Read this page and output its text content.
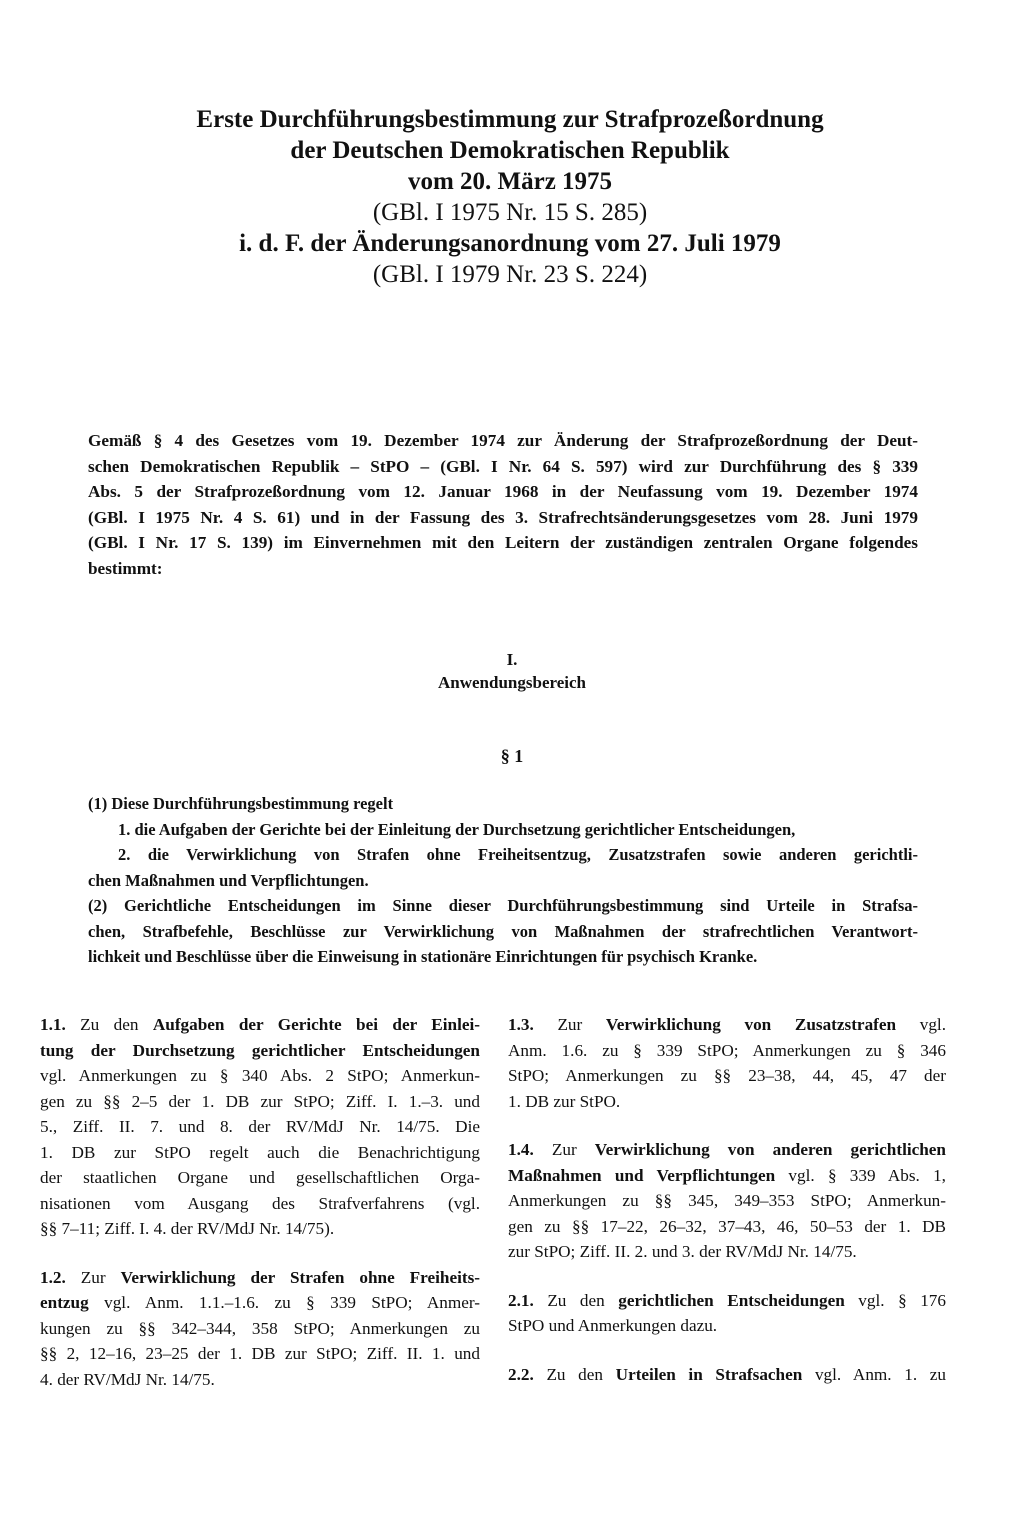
Erste Durchführungsbestimmung zur Strafprozeßordnung
der Deutschen Demokratischen Republik
vom 20. März 1975
(GBl. I 1975 Nr. 15 S. 285)
i. d. F. der Änderungsanordnung vom 27. Juli 1979
(GBl. I 1979 Nr. 23 S. 224)
Gemäß § 4 des Gesetzes vom 19. Dezember 1974 zur Änderung der Strafprozeßordnung der Deut-
schen Demokratischen Republik – StPO – (GBl. I Nr. 64 S. 597) wird zur Durchführung des § 339
Abs. 5 der Strafprozeßordnung vom 12. Januar 1968 in der Neufassung vom 19. Dezember 1974
(GBl. I 1975 Nr. 4 S. 61) und in der Fassung des 3. Strafrechtsänderungsgesetzes vom 28. Juni 1979
(GBl. I Nr. 17 S. 139) im Einvernehmen mit den Leitern der zuständigen zentralen Organe folgendes
bestimmt:
I.
Anwendungsbereich
§ 1
(1) Diese Durchführungsbestimmung regelt
1. die Aufgaben der Gerichte bei der Einleitung der Durchsetzung gerichtlicher Entscheidungen,
2. die Verwirklichung von Strafen ohne Freiheitsentzug, Zusatzstrafen sowie anderen gerichtli-
chen Maßnahmen und Verpflichtungen.
(2) Gerichtliche Entscheidungen im Sinne dieser Durchführungsbestimmung sind Urteile in Strafsa-
chen, Strafbefehle, Beschlüsse zur Verwirklichung von Maßnahmen der strafrechtlichen Verantwort-
lichkeit und Beschlüsse über die Einweisung in stationäre Einrichtungen für psychisch Kranke.
1.1. Zu den Aufgaben der Gerichte bei der Einlei-
tung der Durchsetzung gerichtlicher Entscheidungen
vgl. Anmerkungen zu § 340 Abs. 2 StPO; Anmerkun-
gen zu §§ 2–5 der 1. DB zur StPO; Ziff. I. 1.–3. und
5., Ziff. II. 7. und 8. der RV/MdJ Nr. 14/75. Die
1. DB zur StPO regelt auch die Benachrichtigung
der staatlichen Organe und gesellschaftlichen Orga-
nisationen vom Ausgang des Strafverfahrens (vgl.
§§ 7–11; Ziff. I. 4. der RV/MdJ Nr. 14/75).
1.2. Zur Verwirklichung der Strafen ohne Freiheits-
entzug vgl. Anm. 1.1.–1.6. zu § 339 StPO; Anmer-
kungen zu §§ 342–344, 358 StPO; Anmerkungen zu
§§ 2, 12–16, 23–25 der 1. DB zur StPO; Ziff. II. 1. und
4. der RV/MdJ Nr. 14/75.
1.3. Zur Verwirklichung von Zusatzstrafen vgl.
Anm. 1.6. zu § 339 StPO; Anmerkungen zu § 346
StPO; Anmerkungen zu §§ 23–38, 44, 45, 47 der
1. DB zur StPO.
1.4. Zur Verwirklichung von anderen gerichtlichen
Maßnahmen und Verpflichtungen vgl. § 339 Abs. 1,
Anmerkungen zu §§ 345, 349–353 StPO; Anmerkun-
gen zu §§ 17–22, 26–32, 37–43, 46, 50–53 der 1. DB
zur StPO; Ziff. II. 2. und 3. der RV/MdJ Nr. 14/75.
2.1. Zu den gerichtlichen Entscheidungen vgl. § 176
StPO und Anmerkungen dazu.
2.2. Zu den Urteilen in Strafsachen vgl. Anm. 1. zu
